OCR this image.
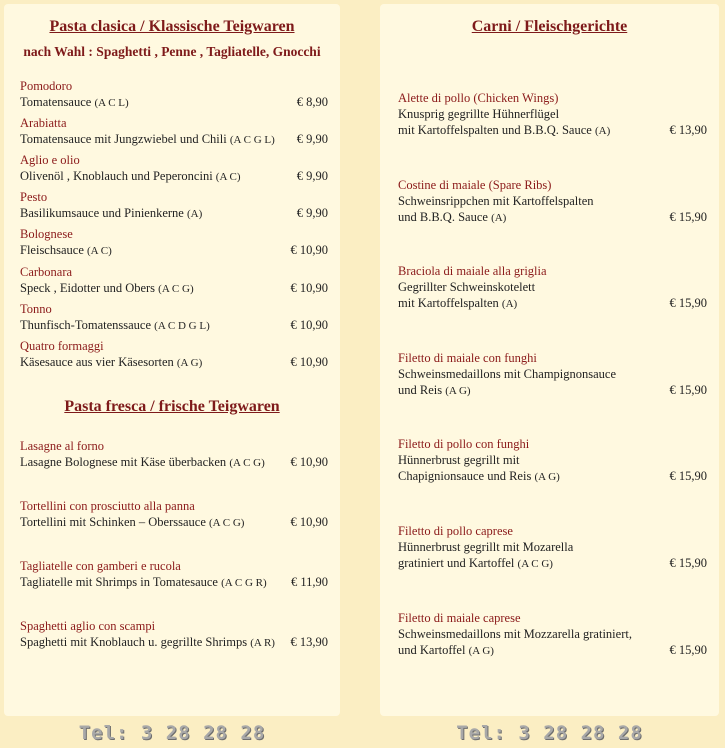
Pasta clasica / Klassische Teigwaren
nach Wahl : Spaghetti , Penne , Tagliatelle, Gnocchi
Pomodoro
Tomatensauce (A C L)	€ 8,90
Arabiatta
Tomatensauce mit Jungzwiebel und Chili (A C G L) € 9,90
Aglio e olio
Olivenöl , Knoblauch und Peperoncini (A C)	€ 9,90
Pesto
Basilikumsauce und Pinienkerne (A)	€ 9,90
Bolognese
Fleischsauce (A C)	€ 10,90
Carbonara
Speck , Eidotter und Obers (A C G)	€ 10,90
Tonno
Thunfisch-Tomatenssauce (A C D G L)	€ 10,90
Quatro formaggi
Käsesauce aus vier Käsesorten (A G)	€ 10,90
Pasta fresca / frische Teigwaren
Lasagne al forno
Lasagne Bolognese mit Käse überbacken (A C G) € 10,90
Tortellini con prosciutto alla panna
Tortellini mit Schinken – Oberssauce (A C G)	€ 10,90
Tagliatelle con gamberi e rucola
Tagliatelle mit Shrimps in Tomatesauce (A C G R) € 11,90
Spaghetti aglio con scampi
Spaghetti mit Knoblauch u. gegrillte Shrimps (A R) € 13,90
Carni / Fleischgerichte
Alette di pollo (Chicken Wings)
Knusprig gegrillte Hühnerflügel
mit Kartoffelspalten und B.B.Q. Sauce (A)	€ 13,90
Costine di maiale (Spare Ribs)
Schweinsrippchen mit Kartoffelspalten
und B.B.Q. Sauce (A)	€ 15,90
Braciola di maiale alla griglia
Gegrillter Schweinskotelett
mit Kartoffelspalten (A)	€ 15,90
Filetto di maiale con funghi
Schweinsmedaillons mit Champignonsauce
und Reis (A G)	€ 15,90
Filetto di pollo con funghi
Hünnerbrust gegrillt mit
Chapignionsauce und Reis (A G)	€ 15,90
Filetto di pollo caprese
Hünnerbrust gegrillt mit Mozarella
gratiniert und Kartoffel (A C G)	€ 15,90
Filetto di maiale caprese
Schweinsmedaillons mit Mozzarella gratiniert,
und Kartoffel (A G)	€ 15,90
Tel: 3 28 28 28	Tel: 3 28 28 28
